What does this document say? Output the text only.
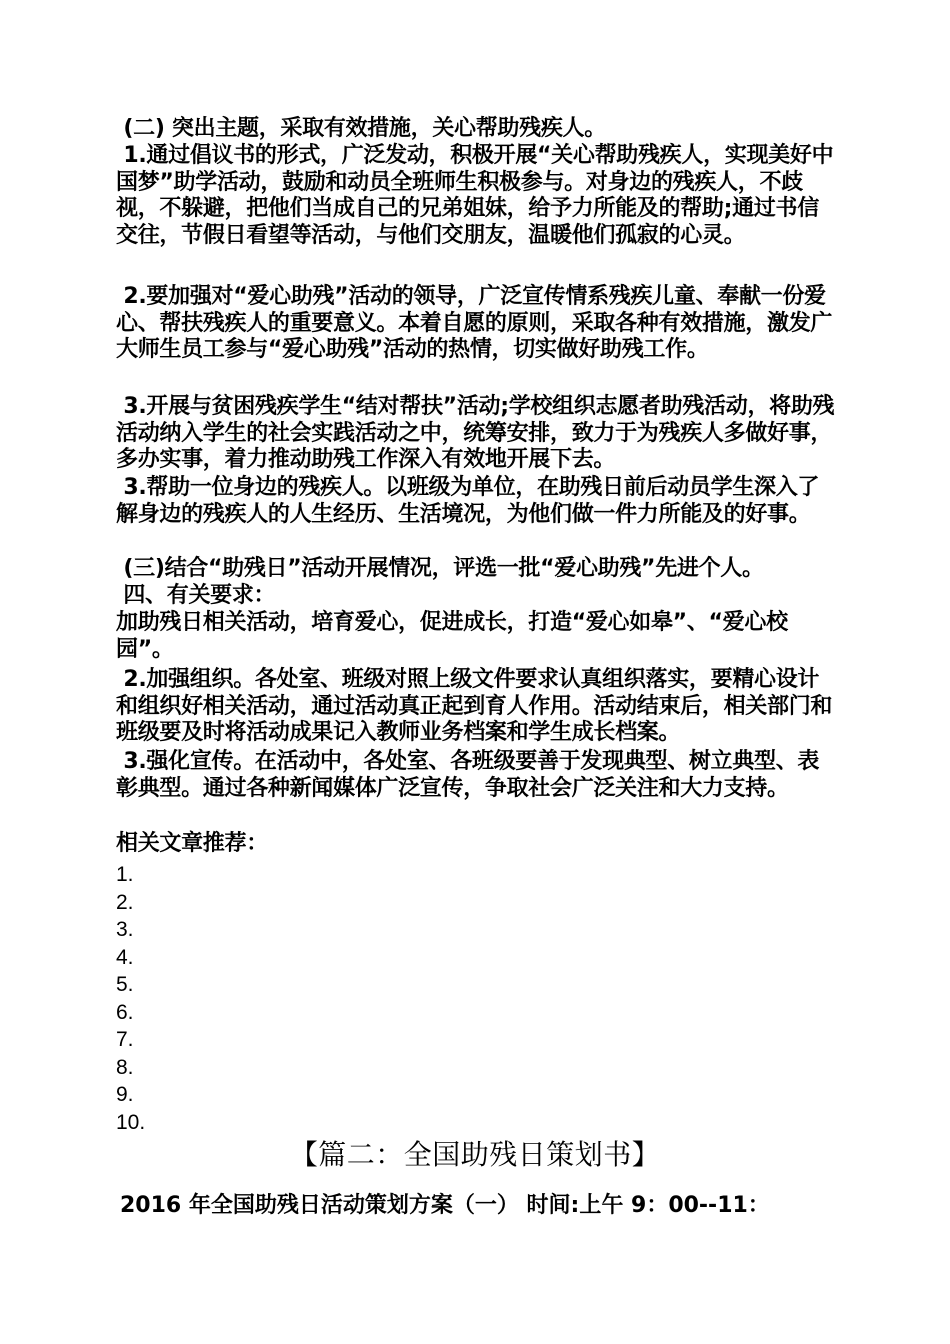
(二) 突出主题，采取有效措施，关心帮助残疾人。

1.通过倡议书的形式，广泛发动，积极开展“关心帮助残疾人，实现美好中国梦”助学活动，鼓励和动员全班师生积极参与。对身边的残疾人，不歧视，不躲避，把他们当成自己的兄弟姐妹，给予力所能及的帮助;通过书信交往，节假日看望等活动，与他们交朋友，温暖他们孤寂的心灵。

2.要加强对“爱心助残”活动的领导，广泛宣传情系残疾儿童、奉献一份爱心、帮扶残疾人的重要意义。本着自愿的原则，采取各种有效措施，激发广大师生员工参与“爱心助残”活动的热情，切实做好助残工作。

3.开展与贫困残疾学生“结对帮扶”活动;学校组织志愿者助残活动，将助残活动纳入学生的社会实践活动之中，统筹安排，致力于为残疾人多做好事，多办实事，着力推动助残工作深入有效地开展下去。

3.帮助一位身边的残疾人。以班级为单位，在助残日前后动员学生深入了解身边的残疾人的人生经历、生活境况，为他们做一件力所能及的好事。

(三)结合“助残日”活动开展情况，评选一批“爱心助残”先进个人。

四、有关要求：

加助残日相关活动，培育爱心，促进成长，打造“爱心如皋”、“爱心校园”。

2.加强组织。各处室、班级对照上级文件要求认真组织落实，要精心设计和组织好相关活动，通过活动真正起到育人作用。活动结束后，相关部门和班级要及时将活动成果记入教师业务档案和学生成长档案。

3.强化宣传。在活动中，各处室、各班级要善于发现典型、树立典型、表彰典型。通过各种新闻媒体广泛宣传，争取社会广泛关注和大力支持。

相关文章推荐：

1.
2.
3.
4.
5.
6.
7.
8.
9.
10.
【篇二：全国助残日策划书】
2016 年全国助残日活动策划方案（一） 时间:上午 9：00--11：
